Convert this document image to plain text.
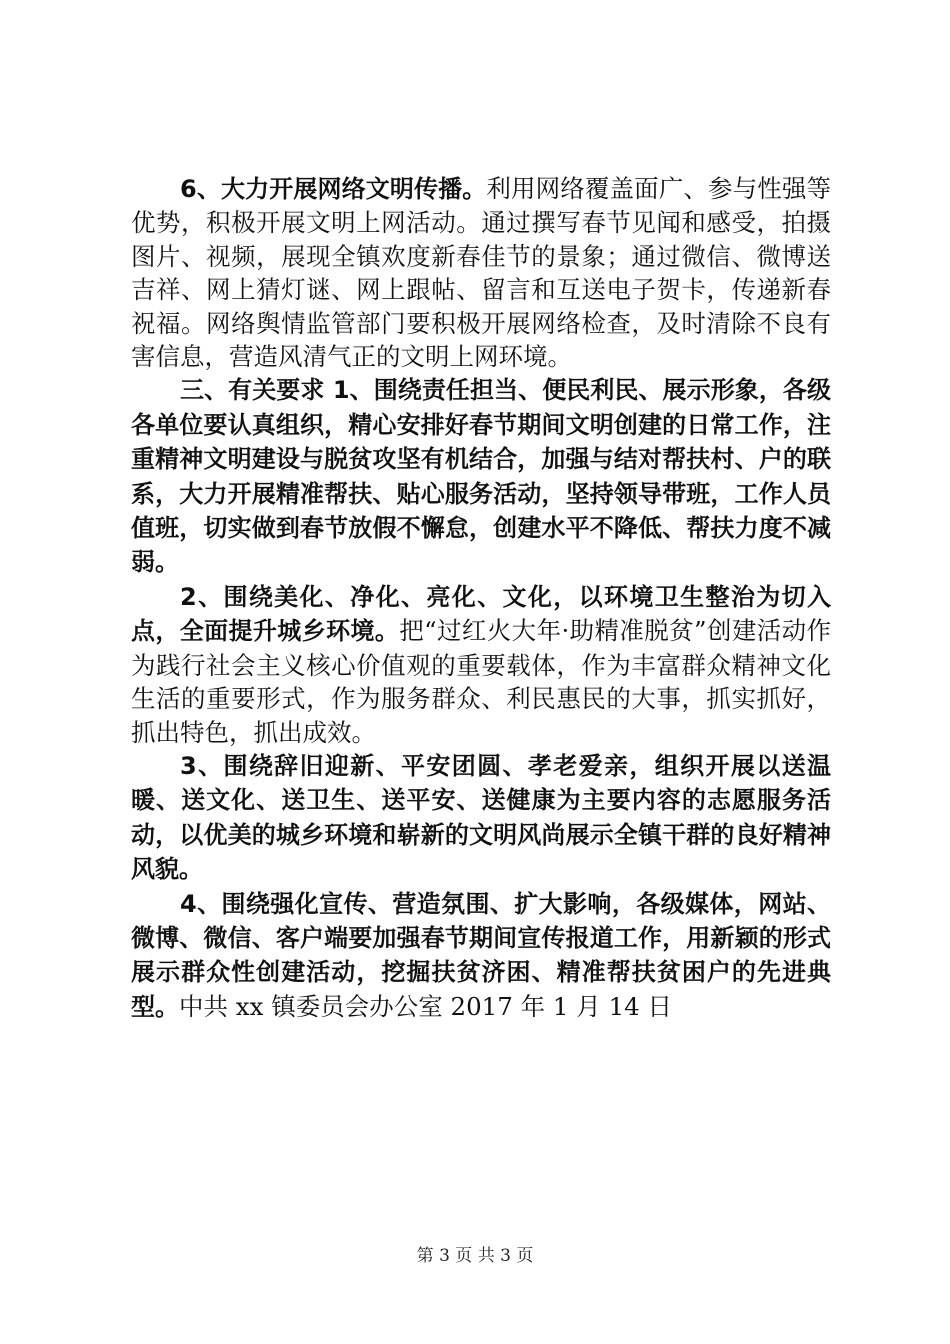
6、大力开展网络文明传播。利用网络覆盖面广、参与性强等优势，积极开展文明上网活动。通过撰写春节见闻和感受，拍摄图片、视频，展现全镇欢度新春佳节的景象；通过微信、微博送吉祥、网上猜灯谜、网上跟帖、留言和互送电子贺卡，传递新春祝福。网络舆情监管部门要积极开展网络检查，及时清除不良有害信息，营造风清气正的文明上网环境。

三、有关要求 1、围绕责任担当、便民利民、展示形象，各级各单位要认真组织，精心安排好春节期间文明创建的日常工作，注重精神文明建设与脱贫攻坚有机结合，加强与结对帮扶村、户的联系，大力开展精准帮扶、贴心服务活动，坚持领导带班，工作人员值班，切实做到春节放假不懈怠，创建水平不降低、帮扶力度不减弱。

2、围绕美化、净化、亮化、文化，以环境卫生整治为切入点，全面提升城乡环境。把“过红火大年·助精准脱贫”创建活动作为践行社会主义核心价值观的重要载体，作为丰富群众精神文化生活的重要形式，作为服务群众、利民惠民的大事，抓实抓好，抓出特色，抓出成效。

3、围绕辞旧迎新、平安团圆、孝老爱亲，组织开展以送温暖、送文化、送卫生、送平安、送健康为主要内容的志愿服务活动，以优美的城乡环境和崭新的文明风尚展示全镇干群的良好精神风貌。

4、围绕强化宣传、营造氛围、扩大影响，各级媒体，网站、微博、微信、客户端要加强春节期间宣传报道工作，用新颖的形式展示群众性创建活动，挖掘扶贫济困、精准帮扶贫困户的先进典型。中共 xx 镇委员会办公室 2017 年 1 月 14 日

第 3 页 共 3 页
